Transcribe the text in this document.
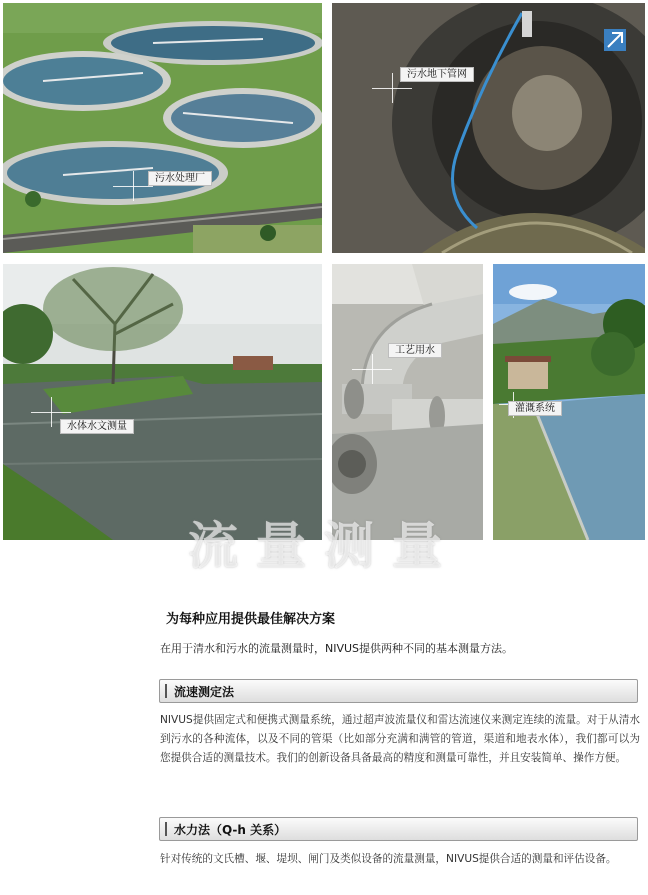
污水处理厂
污水地下管网
水体水文测量
工艺用水
灌溉系统
流量测量
为每种应用提供最佳解决方案
在用于清水和污水的流量测量时，NIVUS提供两种不同的基本测量方法。
流速测定法
NIVUS提供固定式和便携式测量系统，通过超声波流量仪和雷达流速仪来测定连续的流量。对于从清水到污水的各种流体，以及不同的管渠（比如部分充满和满管的管道，渠道和地表水体），我们都可以为您提供合适的测量技术。我们的创新设备具备最高的精度和测量可靠性，并且安装简单、操作方便。
水力法（Q-h 关系）
针对传统的文氏槽、堰、堤坝、闸门及类似设备的流量测量，NIVUS提供合适的测量和评估设备。
